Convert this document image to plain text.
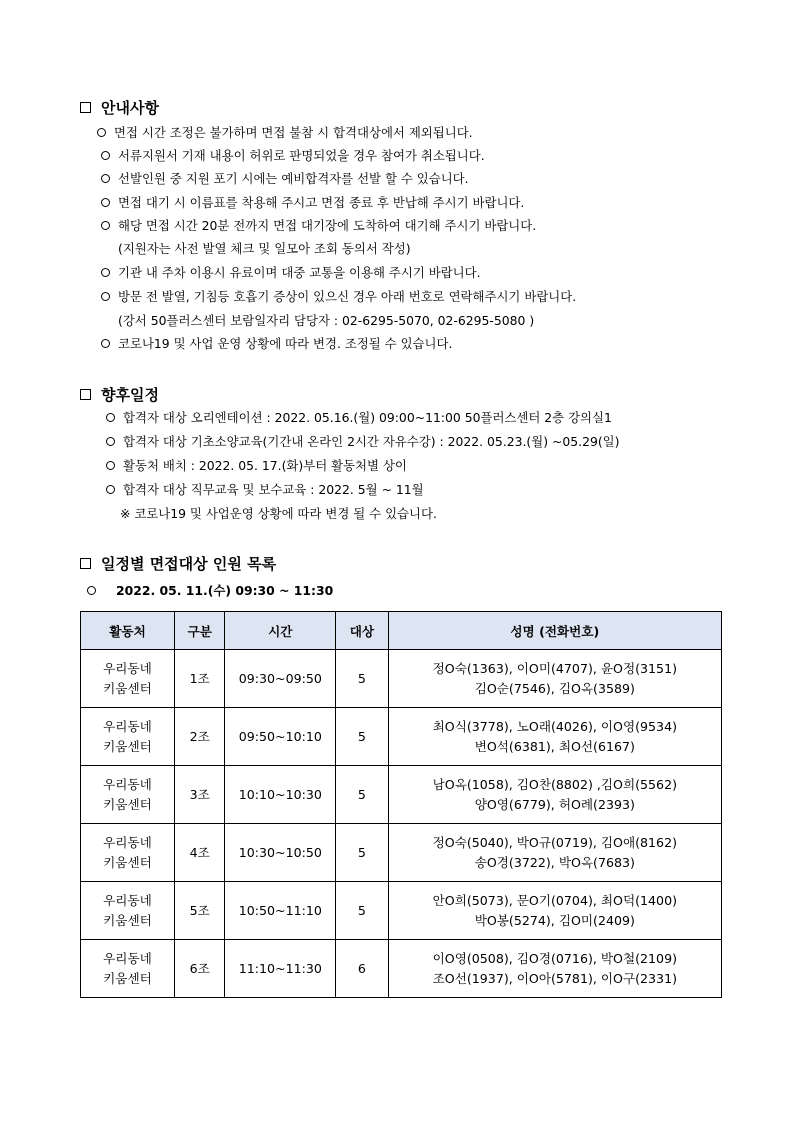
안내사항
면접 시간 조정은 불가하며 면접 불참 시 합격대상에서 제외됩니다.
서류지원서 기재 내용이 허위로 판명되었을 경우 참여가 취소됩니다.
선발인원 중 지원 포기 시에는 예비합격자를 선발 할 수 있습니다.
면접 대기 시 이름표를 착용해 주시고 면접 종료 후 반납해 주시기 바랍니다.
해당 면접 시간 20분 전까지 면접 대기장에 도착하여 대기해 주시기 바랍니다.
(지원자는 사전 발열 체크 및 일모아 조회 동의서 작성)
기관 내 주차 이용시 유료이며 대중 교통을 이용해 주시기 바랍니다.
방문 전 발열, 기침등 호흡기 증상이 있으신 경우 아래 번호로 연락해주시기 바랍니다.
(강서 50플러스센터 보람일자리 담당자 : 02-6295-5070, 02-6295-5080 )
코로나19 및 사업 운영 상황에 따라 변경. 조정될 수 있습니다.
향후일정
합격자 대상 오리엔테이션 : 2022. 05.16.(월) 09:00~11:00 50플러스센터 2층 강의실1
합격자 대상 기초소양교육(기간내 온라인 2시간 자유수강) : 2022. 05.23.(월) ~05.29(일)
활동처 배치 : 2022. 05. 17.(화)부터 활동처별 상이
합격자 대상 직무교육 및 보수교육 : 2022. 5월 ~ 11월
※ 코로나19 및 사업운영 상황에 따라 변경 될 수 있습니다.
일정별 면접대상 인원 목록
2022. 05. 11.(수) 09:30 ~ 11:30
활동처	구분	시간	대상	성명 (전화번호)
우리동네
키움센터	1조	09:30~09:50	5	정O숙(1363), 이O미(4707), 윤O정(3151)
김O순(7546), 김O옥(3589)
우리동네
키움센터	2조	09:50~10:10	5	최O식(3778), 노O래(4026), 이O영(9534)
변O석(6381), 최O선(6167)
우리동네
키움센터	3조	10:10~10:30	5	남O옥(1058), 김O찬(8802) ,김O희(5562)
양O영(6779), 허O례(2393)
우리동네
키움센터	4조	10:30~10:50	5	정O숙(5040), 박O규(0719), 김O애(8162)
송O경(3722), 박O옥(7683)
우리동네
키움센터	5조	10:50~11:10	5	안O희(5073), 문O기(0704), 최O덕(1400)
박O봉(5274), 김O미(2409)
우리동네
키움센터	6조	11:10~11:30	6	이O영(0508), 김O경(0716), 박O철(2109)
조O선(1937), 이O아(5781), 이O구(2331)
